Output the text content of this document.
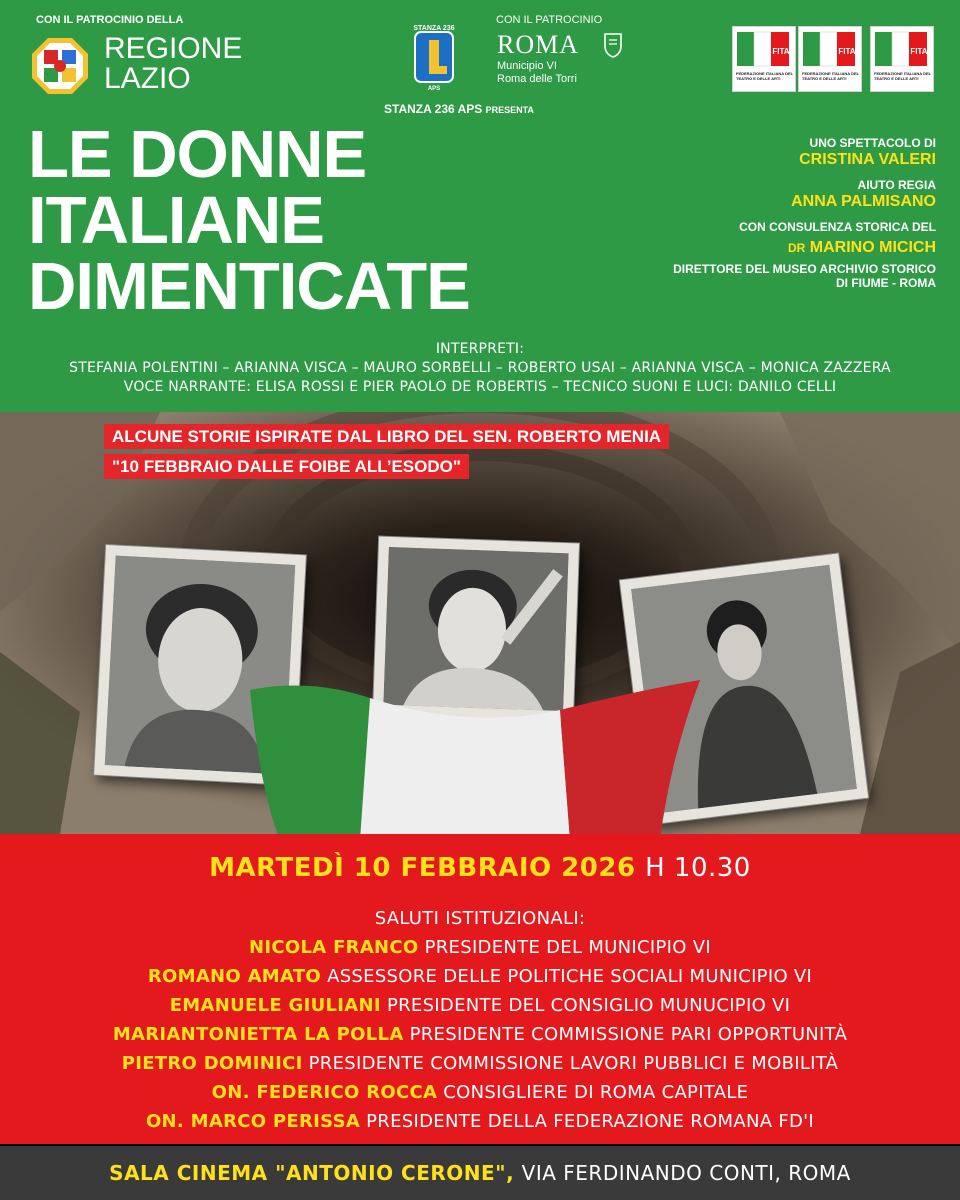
CON IL PATROCINIO DELLA
REGIONE
LAZIO
STANZA 236
APS
STANZA 236 APS PRESENTA
CON IL PATROCINIO
ROMA
Municipio VI
Roma delle Torri
FITA
FEDERAZIONE ITALIANA DEL TEATRO E DELLE ARTI
FITA
FEDERAZIONE ITALIANA DEL TEATRO E DELLE ARTI
FITA
FEDERAZIONE ITALIANA DEL TEATRO E DELLE ARTI
LE DONNE
ITALIANE
DIMENTICATE
UNO SPETTACOLO DI
CRISTINA VALERI
AIUTO REGIA
ANNA PALMISANO
CON CONSULENZA STORICA DEL
DR MARINO MICICH
DIRETTORE DEL MUSEO ARCHIVIO STORICO
DI FIUME - ROMA
INTERPRETI:
STEFANIA POLENTINI – ARIANNA VISCA – MAURO SORBELLI – ROBERTO USAI – ARIANNA VISCA – MONICA ZAZZERA
VOCE NARRANTE: ELISA ROSSI E PIER PAOLO DE ROBERTIS – TECNICO SUONI E LUCI: DANILO CELLI
ALCUNE STORIE ISPIRATE DAL LIBRO DEL SEN. ROBERTO MENIA
"10 FEBBRAIO DALLE FOIBE ALL’ESODO"
MARTEDÌ 10 FEBBRAIO 2026 H 10.30
SALUTI ISTITUZIONALI:
NICOLA FRANCO PRESIDENTE DEL MUNICIPIO VI
ROMANO AMATO ASSESSORE DELLE POLITICHE SOCIALI MUNICIPIO VI
EMANUELE GIULIANI PRESIDENTE DEL CONSIGLIO MUNUCIPIO VI
MARIANTONIETTA LA POLLA PRESIDENTE COMMISSIONE PARI OPPORTUNITÀ
PIETRO DOMINICI PRESIDENTE COMMISSIONE LAVORI PUBBLICI E MOBILITÀ
ON. FEDERICO ROCCA CONSIGLIERE DI ROMA CAPITALE
ON. MARCO PERISSA PRESIDENTE DELLA FEDERAZIONE ROMANA FD'I
SALA CINEMA "ANTONIO CERONE", VIA FERDINANDO CONTI, ROMA
